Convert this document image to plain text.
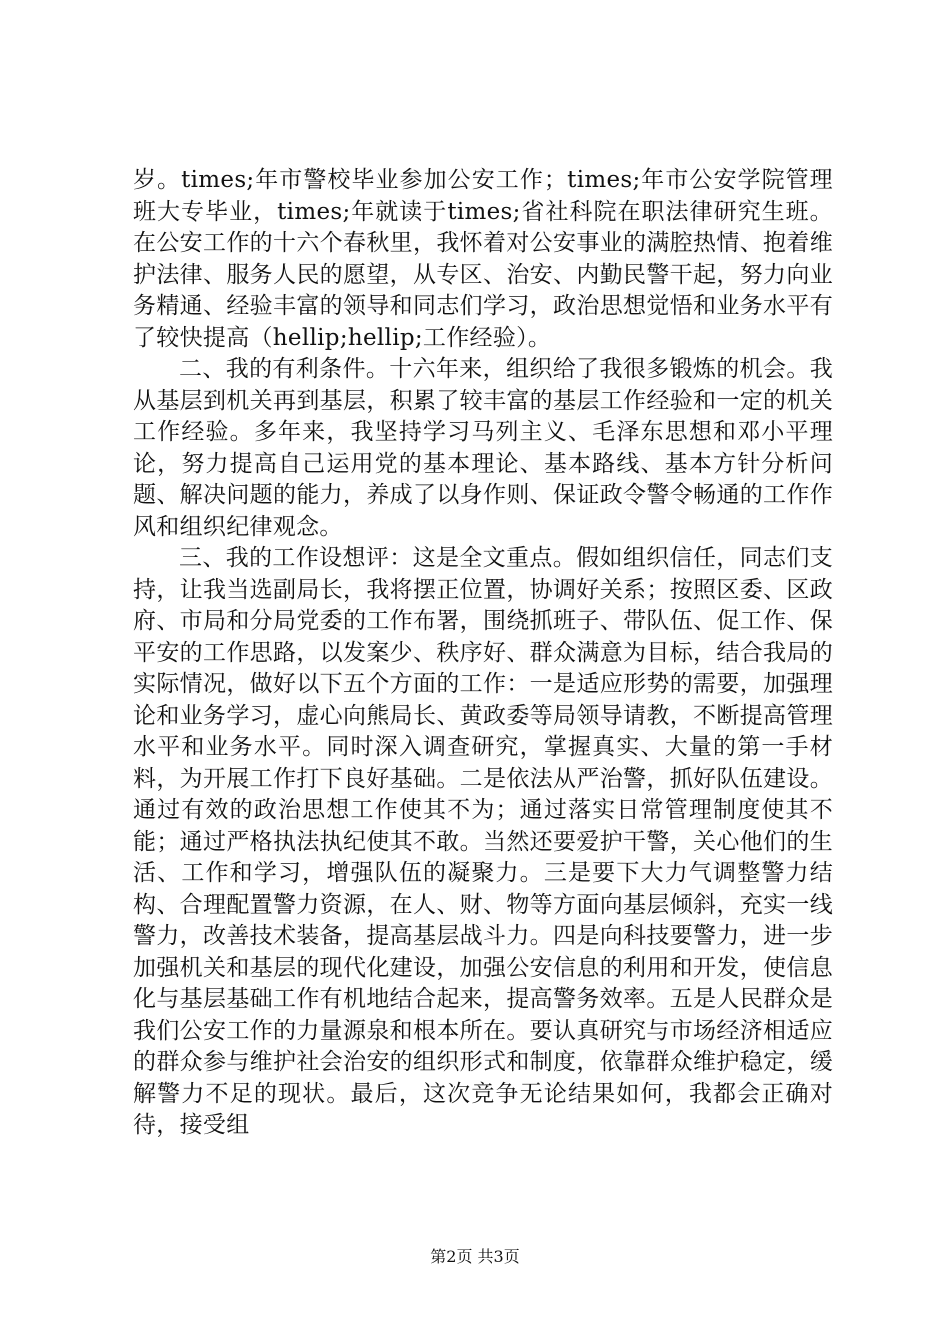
岁。times;年市警校毕业参加公安工作；times;年市公安学院管理班大专毕业，times;年就读于times;省社科院在职法律研究生班。在公安工作的十六个春秋里，我怀着对公安事业的满腔热情、抱着维护法律、服务人民的愿望，从专区、治安、内勤民警干起，努力向业务精通、经验丰富的领导和同志们学习，政治思想觉悟和业务水平有了较快提高（hellip;hellip;工作经验）。

二、我的有利条件。十六年来，组织给了我很多锻炼的机会。我从基层到机关再到基层，积累了较丰富的基层工作经验和一定的机关工作经验。多年来，我坚持学习马列主义、毛泽东思想和邓小平理论，努力提高自己运用党的基本理论、基本路线、基本方针分析问题、解决问题的能力，养成了以身作则、保证政令警令畅通的工作作风和组织纪律观念。

三、我的工作设想评：这是全文重点。假如组织信任，同志们支持，让我当选副局长，我将摆正位置，协调好关系；按照区委、区政府、市局和分局党委的工作布署，围绕抓班子、带队伍、促工作、保平安的工作思路，以发案少、秩序好、群众满意为目标，结合我局的实际情况，做好以下五个方面的工作：一是适应形势的需要，加强理论和业务学习，虚心向熊局长、黄政委等局领导请教，不断提高管理水平和业务水平。同时深入调查研究，掌握真实、大量的第一手材料，为开展工作打下良好基础。二是依法从严治警，抓好队伍建设。通过有效的政治思想工作使其不为；通过落实日常管理制度使其不能；通过严格执法执纪使其不敢。当然还要爱护干警，关心他们的生活、工作和学习，增强队伍的凝聚力。三是要下大力气调整警力结构、合理配置警力资源，在人、财、物等方面向基层倾斜，充实一线警力，改善技术装备，提高基层战斗力。四是向科技要警力，进一步加强机关和基层的现代化建设，加强公安信息的利用和开发，使信息化与基层基础工作有机地结合起来，提高警务效率。五是人民群众是我们公安工作的力量源泉和根本所在。要认真研究与市场经济相适应的群众参与维护社会治安的组织形式和制度，依靠群众维护稳定，缓解警力不足的现状。最后，这次竞争无论结果如何，我都会正确对待，接受组

第2页 共3页
